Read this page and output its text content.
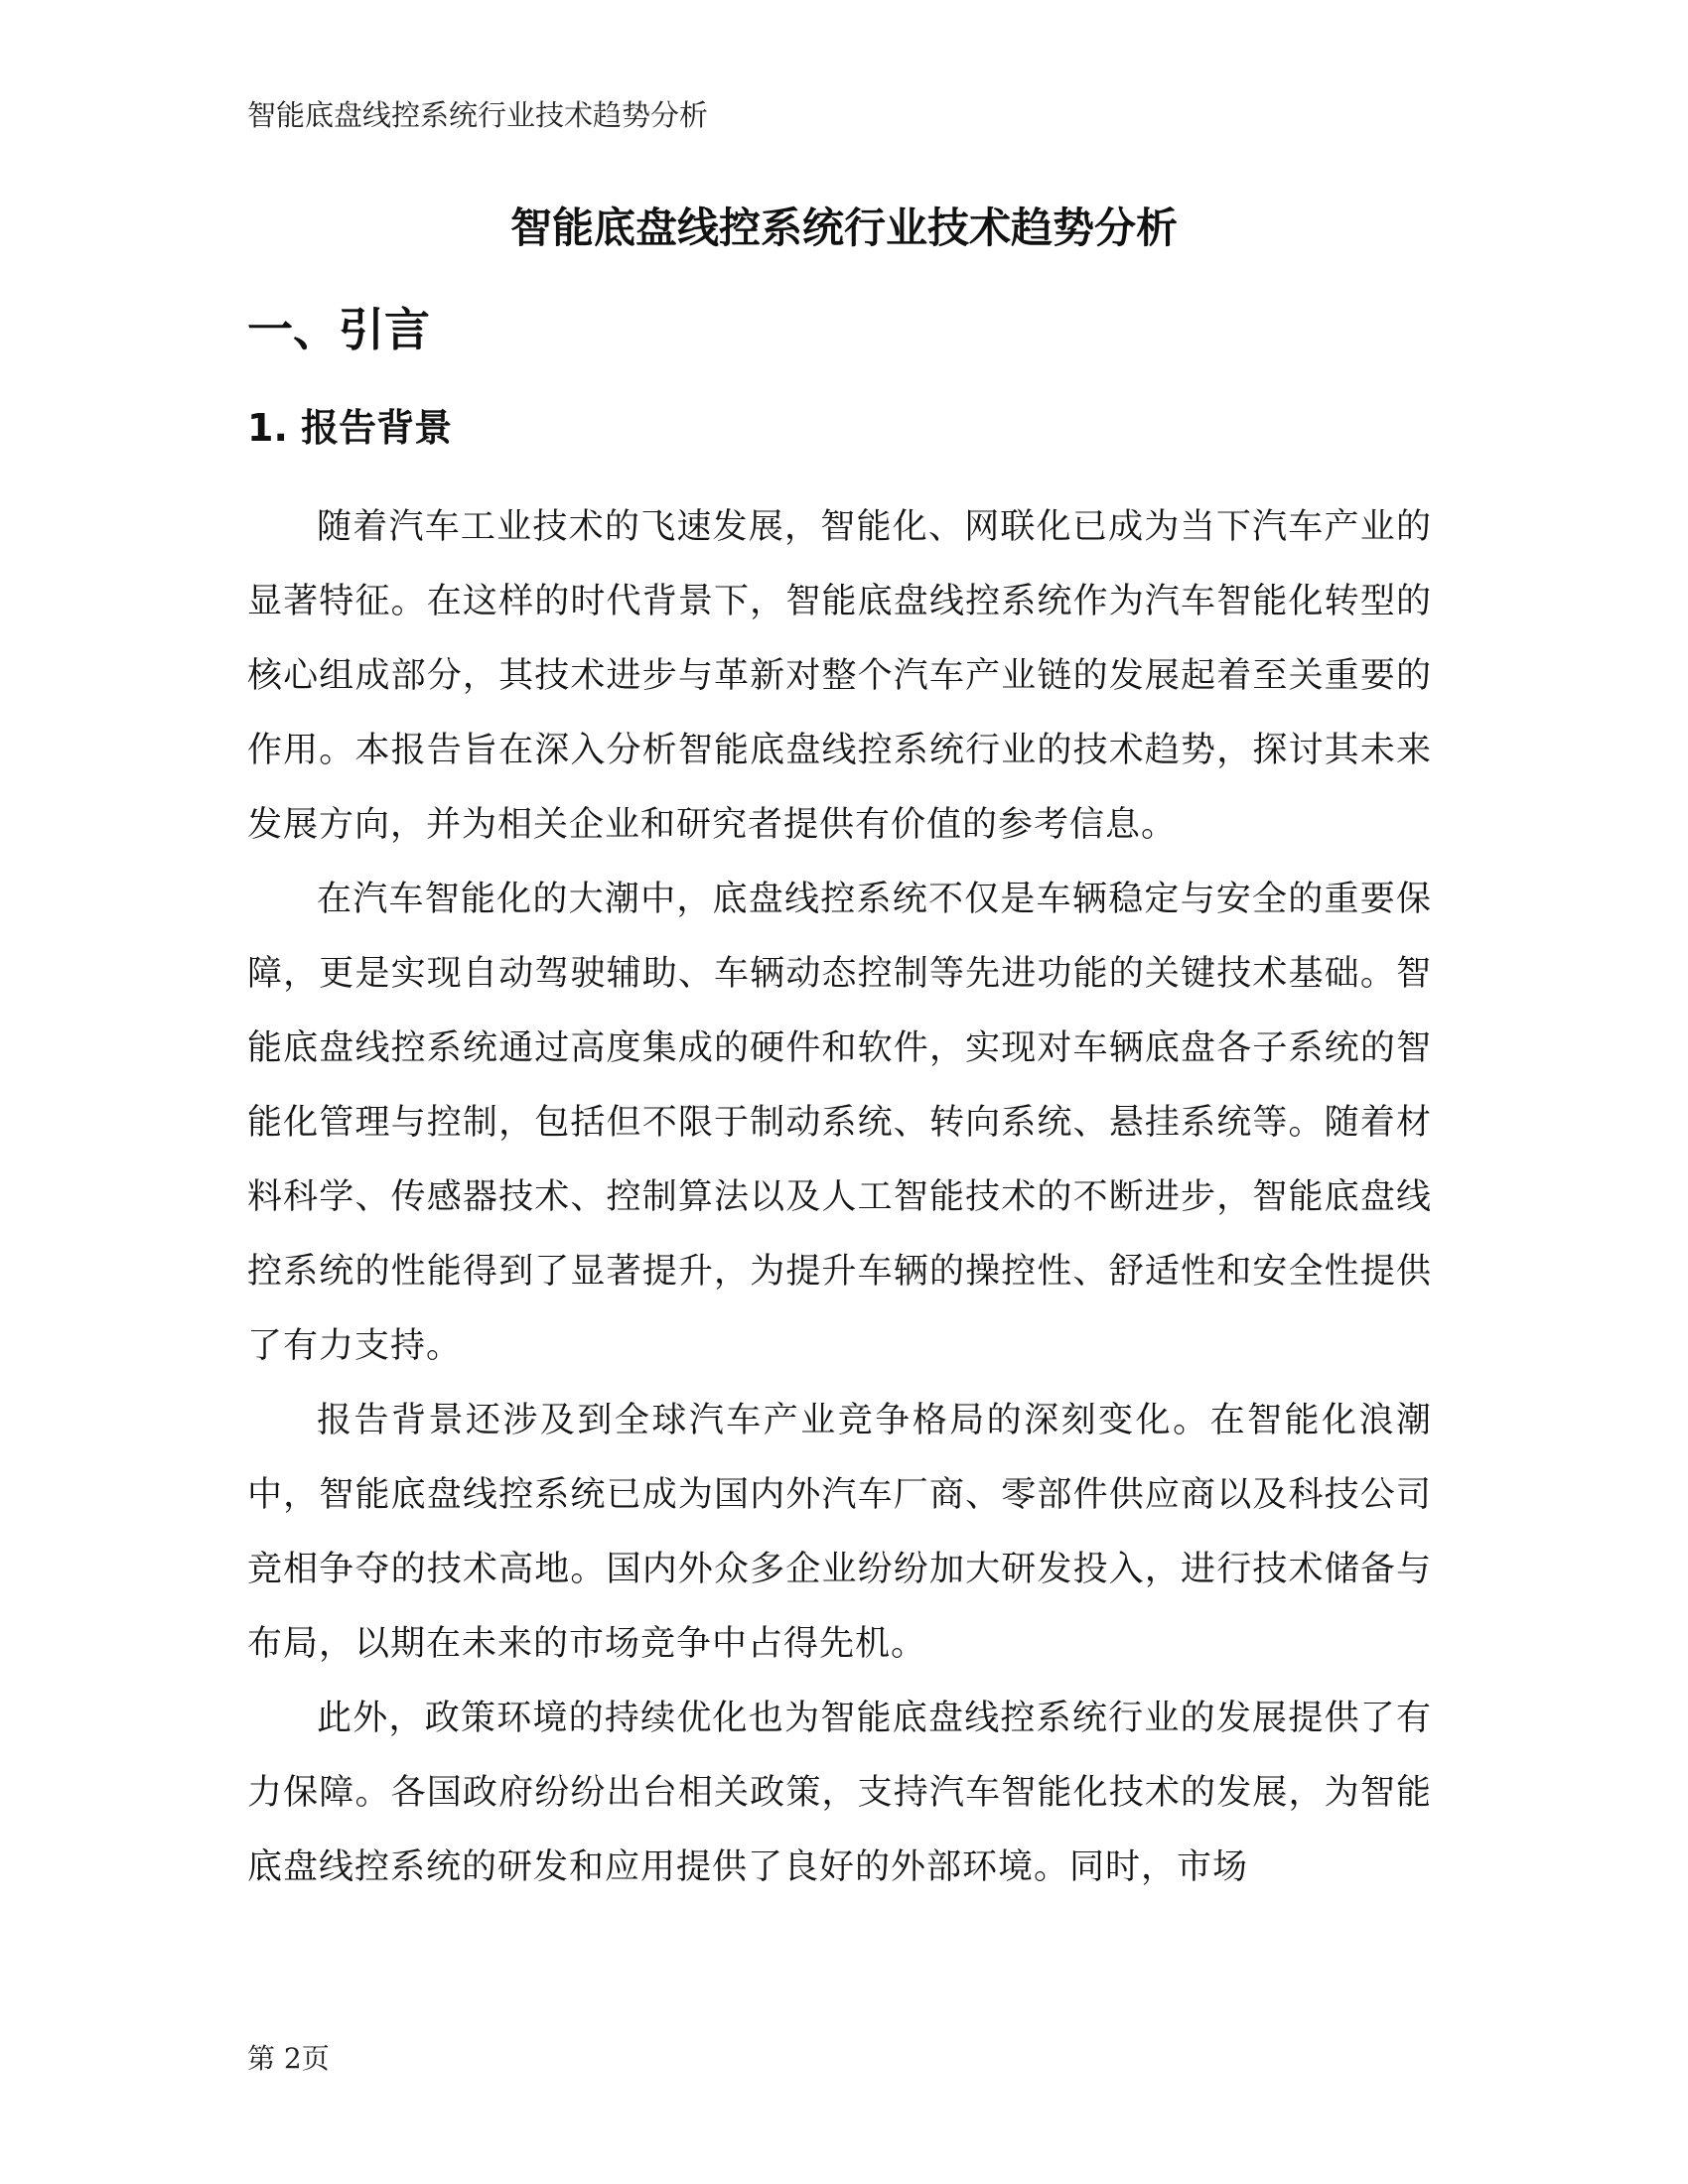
智能底盘线控系统行业技术趋势分析
智能底盘线控系统行业技术趋势分析
一、引言
1. 报告背景

随着汽车工业技术的飞速发展，智能化、网联化已成为当下汽车产业的显著特征。在这样的时代背景下，智能底盘线控系统作为汽车智能化转型的核心组成部分，其技术进步与革新对整个汽车产业链的发展起着至关重要的作用。本报告旨在深入分析智能底盘线控系统行业的技术趋势，探讨其未来发展方向，并为相关企业和研究者提供有价值的参考信息。

在汽车智能化的大潮中，底盘线控系统不仅是车辆稳定与安全的重要保障，更是实现自动驾驶辅助、车辆动态控制等先进功能的关键技术基础。智能底盘线控系统通过高度集成的硬件和软件，实现对车辆底盘各子系统的智能化管理与控制，包括但不限于制动系统、转向系统、悬挂系统等。随着材料科学、传感器技术、控制算法以及人工智能技术的不断进步，智能底盘线控系统的性能得到了显著提升，为提升车辆的操控性、舒适性和安全性提供了有力支持。

报告背景还涉及到全球汽车产业竞争格局的深刻变化。在智能化浪潮中，智能底盘线控系统已成为国内外汽车厂商、零部件供应商以及科技公司竞相争夺的技术高地。国内外众多企业纷纷加大研发投入，进行技术储备与布局，以期在未来的市场竞争中占得先机。

此外，政策环境的持续优化也为智能底盘线控系统行业的发展提供了有力保障。各国政府纷纷出台相关政策，支持汽车智能化技术的发展，为智能底盘线控系统的研发和应用提供了良好的外部环境。同时，市场

第 2页
